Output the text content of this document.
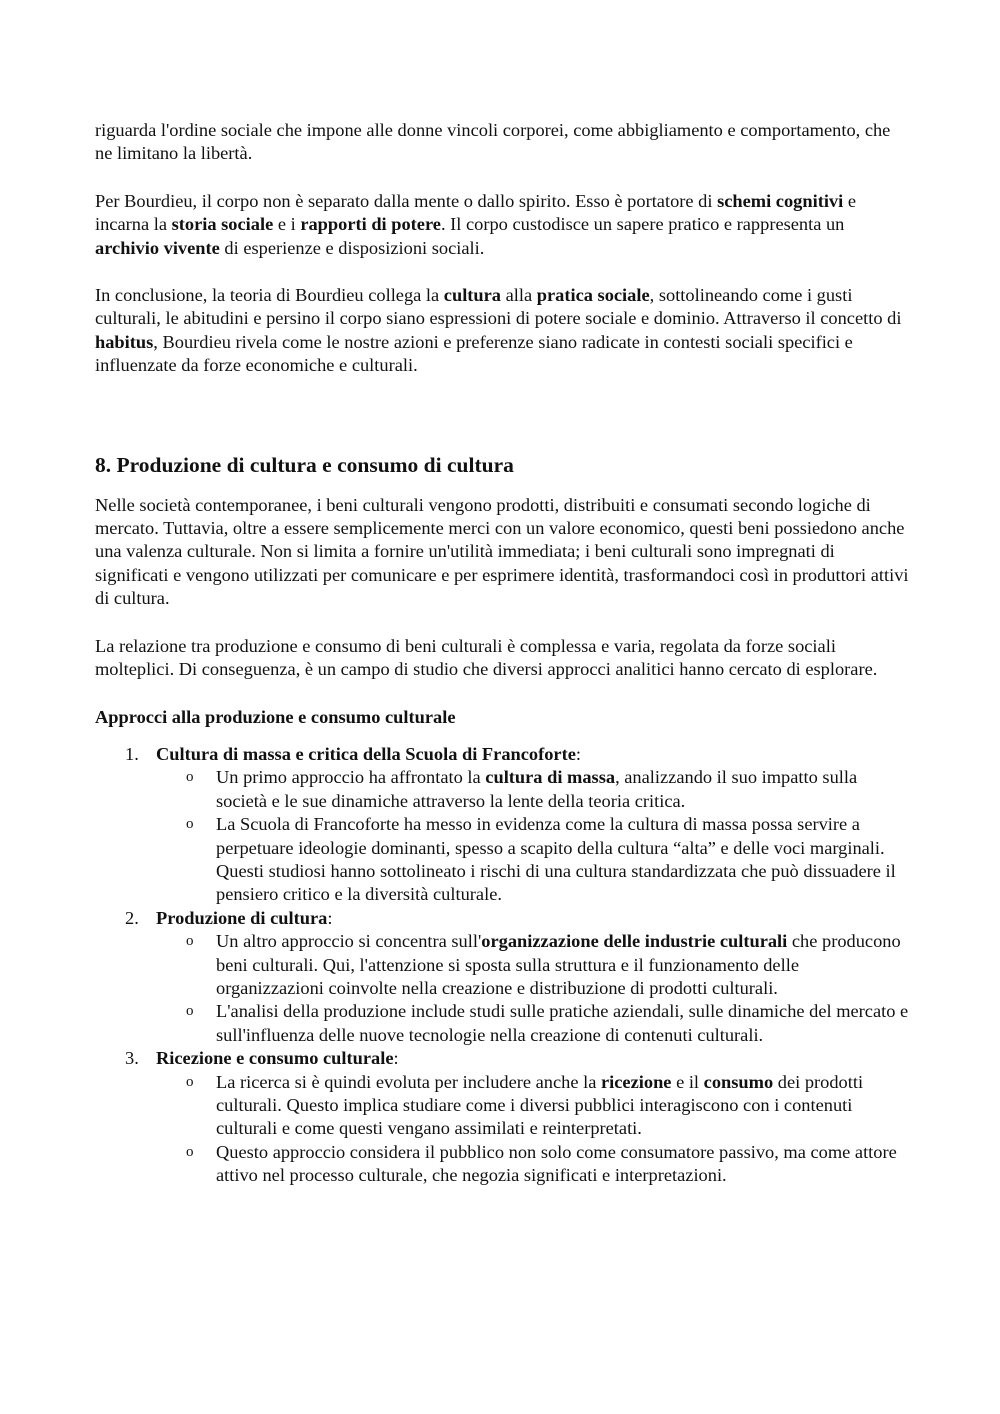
riguarda l'ordine sociale che impone alle donne vincoli corporei, come abbigliamento e comportamento, che ne limitano la libertà.

Per Bourdieu, il corpo non è separato dalla mente o dallo spirito. Esso è portatore di schemi cognitivi e incarna la storia sociale e i rapporti di potere. Il corpo custodisce un sapere pratico e rappresenta un archivio vivente di esperienze e disposizioni sociali.

In conclusione, la teoria di Bourdieu collega la cultura alla pratica sociale, sottolineando come i gusti culturali, le abitudini e persino il corpo siano espressioni di potere sociale e dominio. Attraverso il concetto di habitus, Bourdieu rivela come le nostre azioni e preferenze siano radicate in contesti sociali specifici e influenzate da forze economiche e culturali.

8. Produzione di cultura e consumo di cultura

Nelle società contemporanee, i beni culturali vengono prodotti, distribuiti e consumati secondo logiche di mercato. Tuttavia, oltre a essere semplicemente merci con un valore economico, questi beni possiedono anche una valenza culturale. Non si limita a fornire un'utilità immediata; i beni culturali sono impregnati di significati e vengono utilizzati per comunicare e per esprimere identità, trasformandoci così in produttori attivi di cultura.

La relazione tra produzione e consumo di beni culturali è complessa e varia, regolata da forze sociali molteplici. Di conseguenza, è un campo di studio che diversi approcci analitici hanno cercato di esplorare.

Approcci alla produzione e consumo culturale
1. Cultura di massa e critica della Scuola di Francoforte:
o Un primo approccio ha affrontato la cultura di massa, analizzando il suo impatto sulla società e le sue dinamiche attraverso la lente della teoria critica.
o La Scuola di Francoforte ha messo in evidenza come la cultura di massa possa servire a perpetuare ideologie dominanti, spesso a scapito della cultura “alta” e delle voci marginali. Questi studiosi hanno sottolineato i rischi di una cultura standardizzata che può dissuadere il pensiero critico e la diversità culturale.
2. Produzione di cultura:
o Un altro approccio si concentra sull'organizzazione delle industrie culturali che producono beni culturali. Qui, l'attenzione si sposta sulla struttura e il funzionamento delle organizzazioni coinvolte nella creazione e distribuzione di prodotti culturali.
o L'analisi della produzione include studi sulle pratiche aziendali, sulle dinamiche del mercato e sull'influenza delle nuove tecnologie nella creazione di contenuti culturali.
3. Ricezione e consumo culturale:
o La ricerca si è quindi evoluta per includere anche la ricezione e il consumo dei prodotti culturali. Questo implica studiare come i diversi pubblici interagiscono con i contenuti culturali e come questi vengano assimilati e reinterpretati.
o Questo approccio considera il pubblico non solo come consumatore passivo, ma come attore attivo nel processo culturale, che negozia significati e interpretazioni.
